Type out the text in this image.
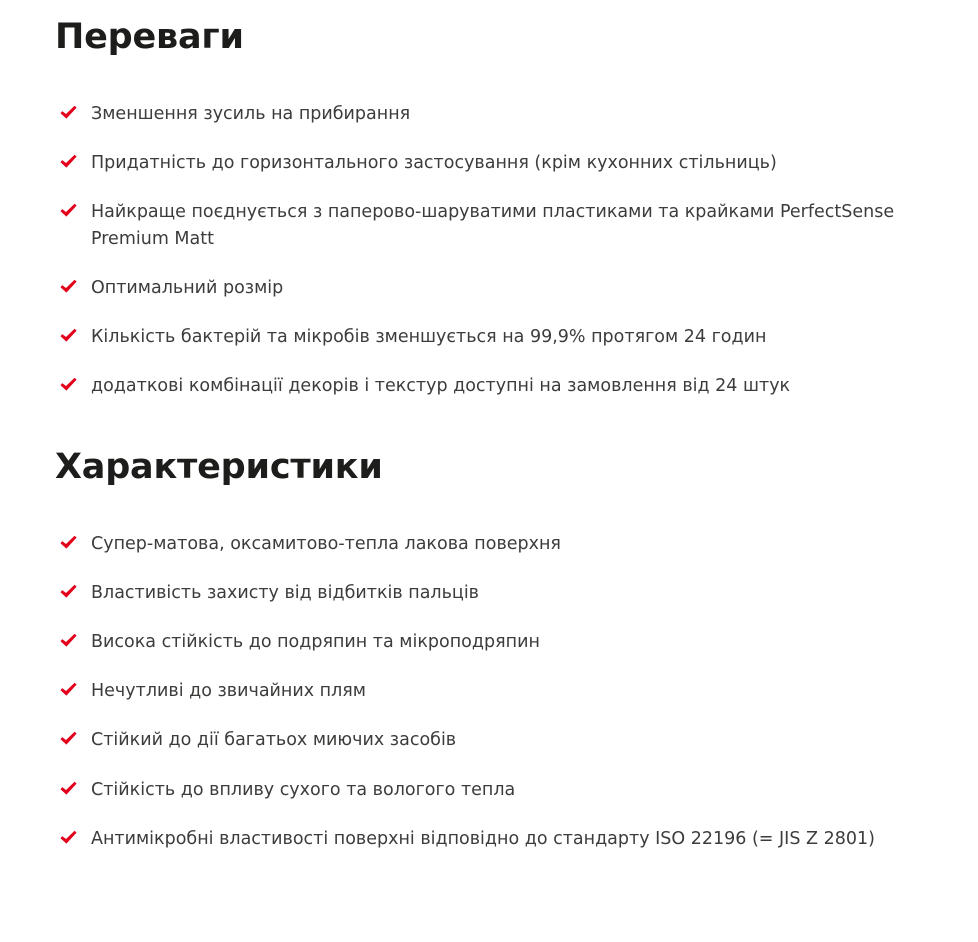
Переваги
Зменшення зусиль на прибирання
Придатність до горизонтального застосування (крім кухонних стільниць)
Найкраще поєднується з паперово-шаруватими пластиками та крайками PerfectSense Premium Matt
Оптимальний розмір
Кількість бактерій та мікробів зменшується на 99,9% протягом 24 годин
додаткові комбінації декорів і текстур доступні на замовлення від 24 штук
Характеристики
Супер-матова, оксамитово-тепла лакова поверхня
Властивість захисту від відбитків пальців
Висока стійкість до подряпин та мікроподряпин
Нечутливі до звичайних плям
Стійкий до дії багатьох миючих засобів
Стійкість до впливу сухого та вологого тепла
Антимікробні властивості поверхні відповідно до стандарту ISO 22196 (= JIS Z 2801)
